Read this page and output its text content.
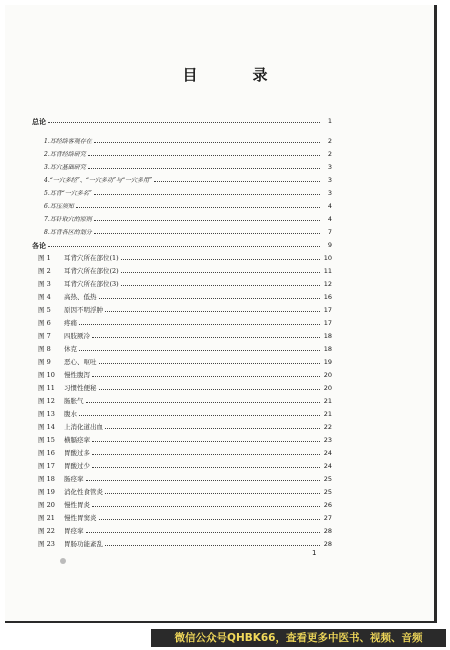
目　录
总论	1
1.耳经络客观存在	2
2.耳背经络研究	2
3.耳穴基础研究	3
4.“一穴多经”、“一穴多功”与“一穴多用”	3
5.耳背“一穴多名”	3
6.耳压须知	4
7.耳针取穴的原则	4
8.耳背各区的划分	7
各论	9
图 1	耳背穴所在部位(1)	10
图 2	耳背穴所在部位(2)	11
图 3	耳背穴所在部位(3)	12
图 4	高热、低热	16
图 5	原因不明浮肿	17
图 6	疼痛	17
图 7	四肢厥冷	18
图 8	休克	18
图 9	恶心、呕吐	19
图 10	慢性腹泻	20
图 11	习惯性便秘	20
图 12	肠胀气	21
图 13	腹水	21
图 14	上消化道出血	22
图 15	横膈痉挛	23
图 16	胃酸过多	24
图 17	胃酸过少	24
图 18	肠痉挛	25
图 19	消化性食管炎	25
图 20	慢性胃炎	26
图 21	慢性胃窦炎	27
图 22	胃痉挛	28
图 23	胃肠功能紊乱	28
1
微信公众号QHBK66，查看更多中医书、视频、音频
